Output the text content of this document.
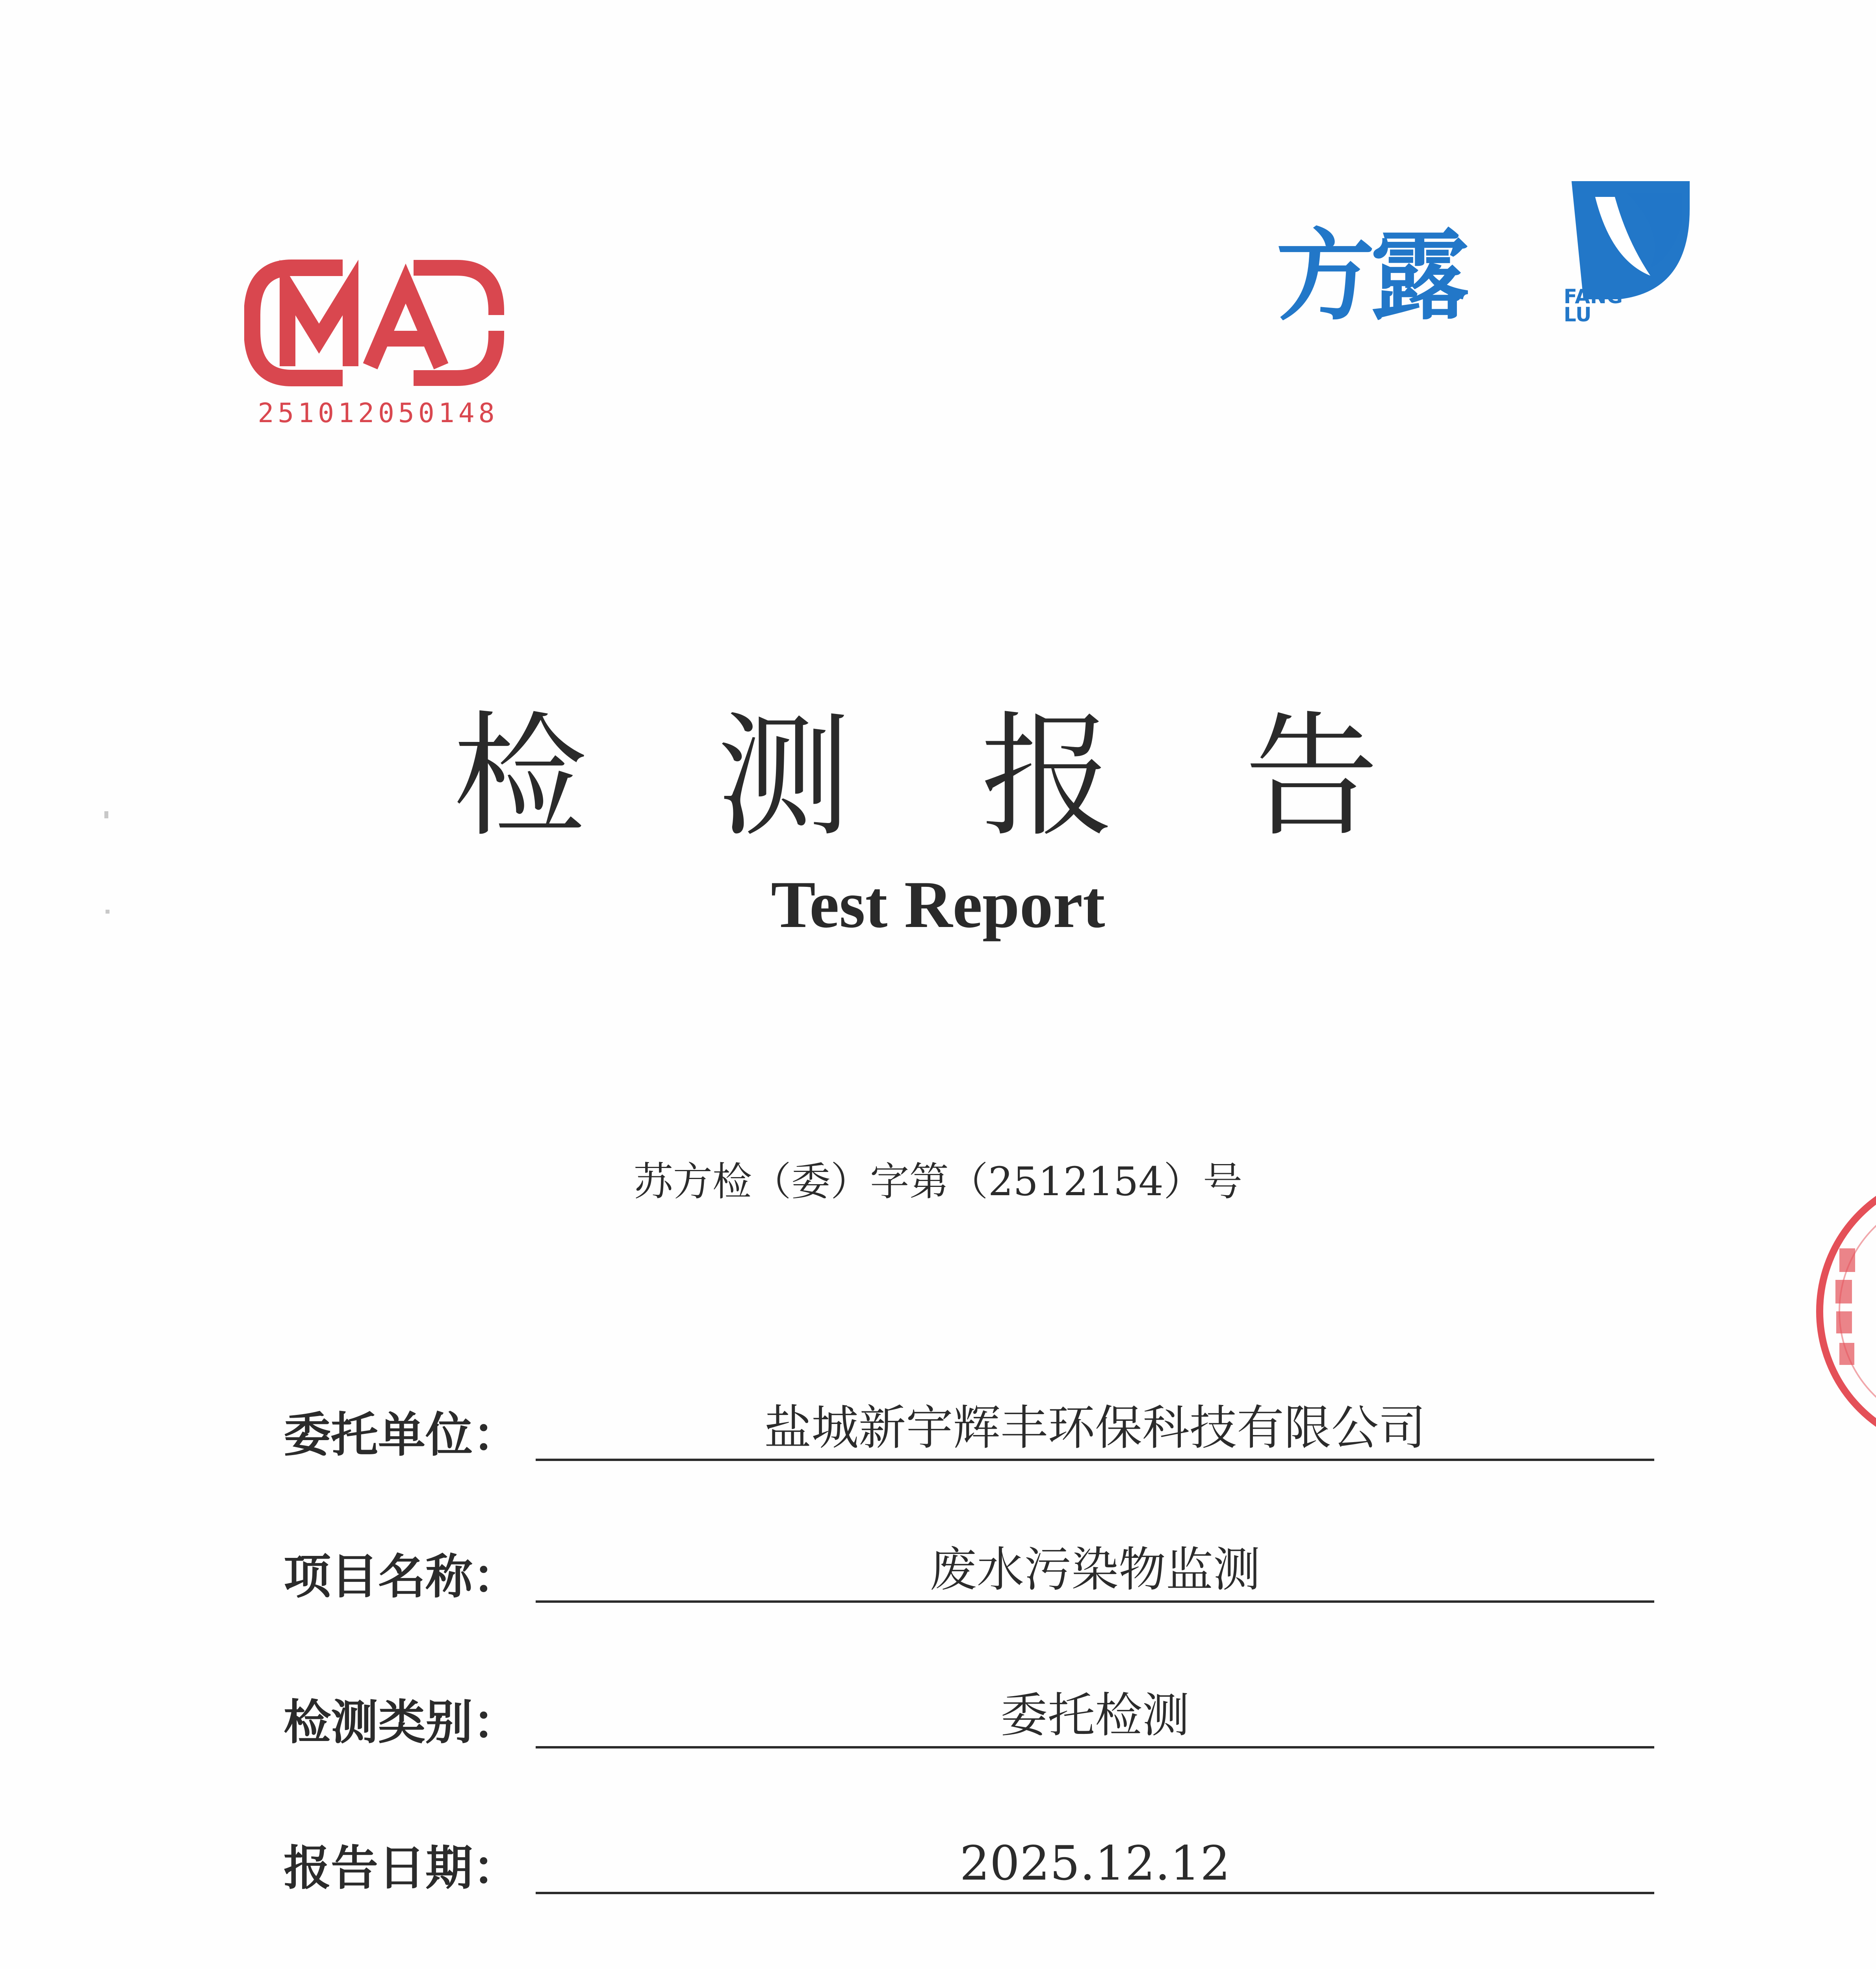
251012050148
方露	FANG LU
检测报告
Test Report
苏方检（委）字第（2512154）号
委托单位：	盐城新宇辉丰环保科技有限公司
项目名称：	废水污染物监测
检测类别：	委托检测
报告日期：	2025.12.12
